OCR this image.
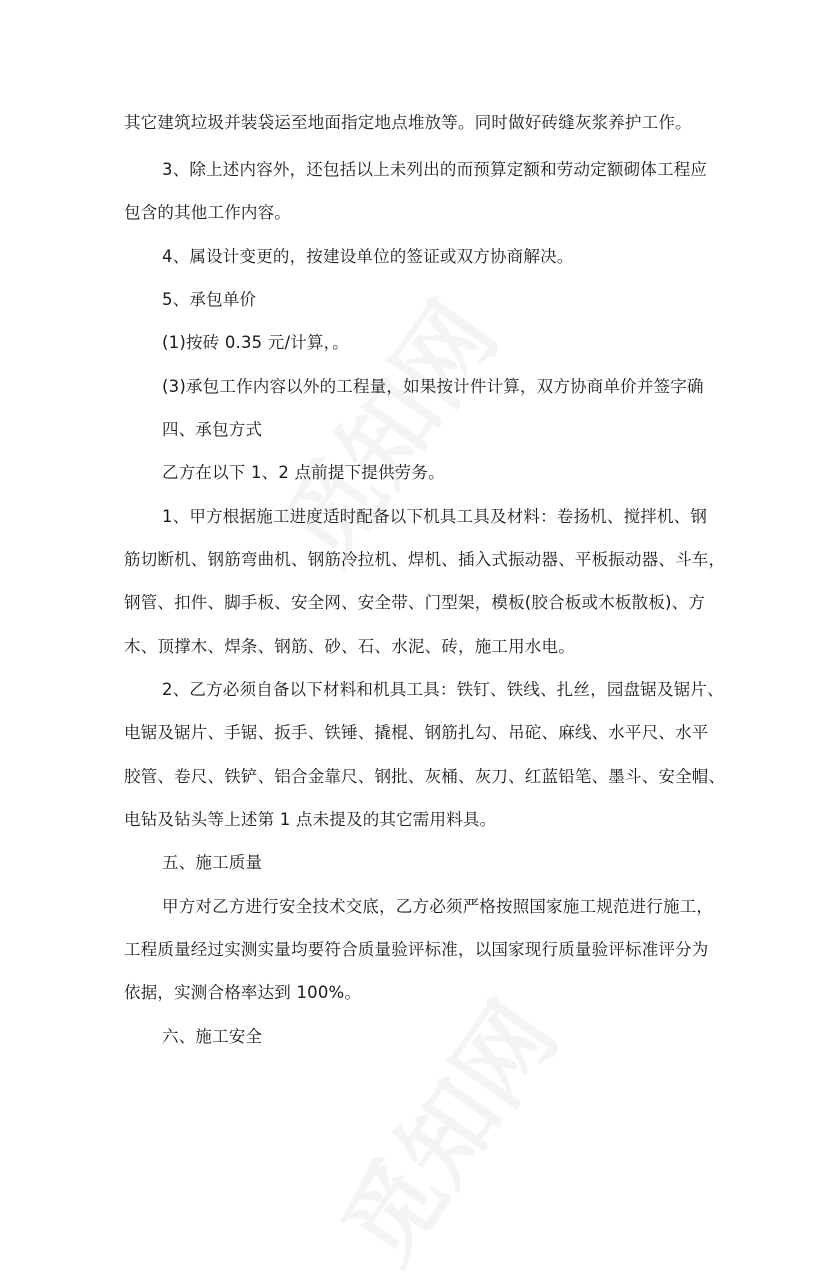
其它建筑垃圾并装袋运至地面指定地点堆放等。同时做好砖缝灰浆养护工作。
3、除上述内容外，还包括以上未列出的而预算定额和劳动定额砌体工程应
包含的其他工作内容。
4、属设计变更的，按建设单位的签证或双方协商解决。
5、承包单价
(1)按砖 0.35 元/计算，。
(3)承包工作内容以外的工程量，如果按计件计算，双方协商单价并签字确
四、承包方式
乙方在以下 1、2 点前提下提供劳务。
1、甲方根据施工进度适时配备以下机具工具及材料：卷扬机、搅拌机、钢
筋切断机、钢筋弯曲机、钢筋冷拉机、焊机、插入式振动器、平板振动器、斗车，
钢管、扣件、脚手板、安全网、安全带、门型架，模板(胶合板或木板散板)、方
木、顶撑木、焊条、钢筋、砂、石、水泥、砖，施工用水电。
2、乙方必须自备以下材料和机具工具：铁钉、铁线、扎丝，园盘锯及锯片、
电锯及锯片、手锯、扳手、铁锤、撬棍、钢筋扎勾、吊砣、麻线、水平尺、水平
胶管、卷尺、铁铲、铝合金靠尺、钢批、灰桶、灰刀、红蓝铅笔、墨斗、安全帽、
电钻及钻头等上述第 1 点未提及的其它需用料具。
五、施工质量
甲方对乙方进行安全技术交底，乙方必须严格按照国家施工规范进行施工，
工程质量经过实测实量均要符合质量验评标准，以国家现行质量验评标准评分为
依据，实测合格率达到 100%。
六、施工安全
